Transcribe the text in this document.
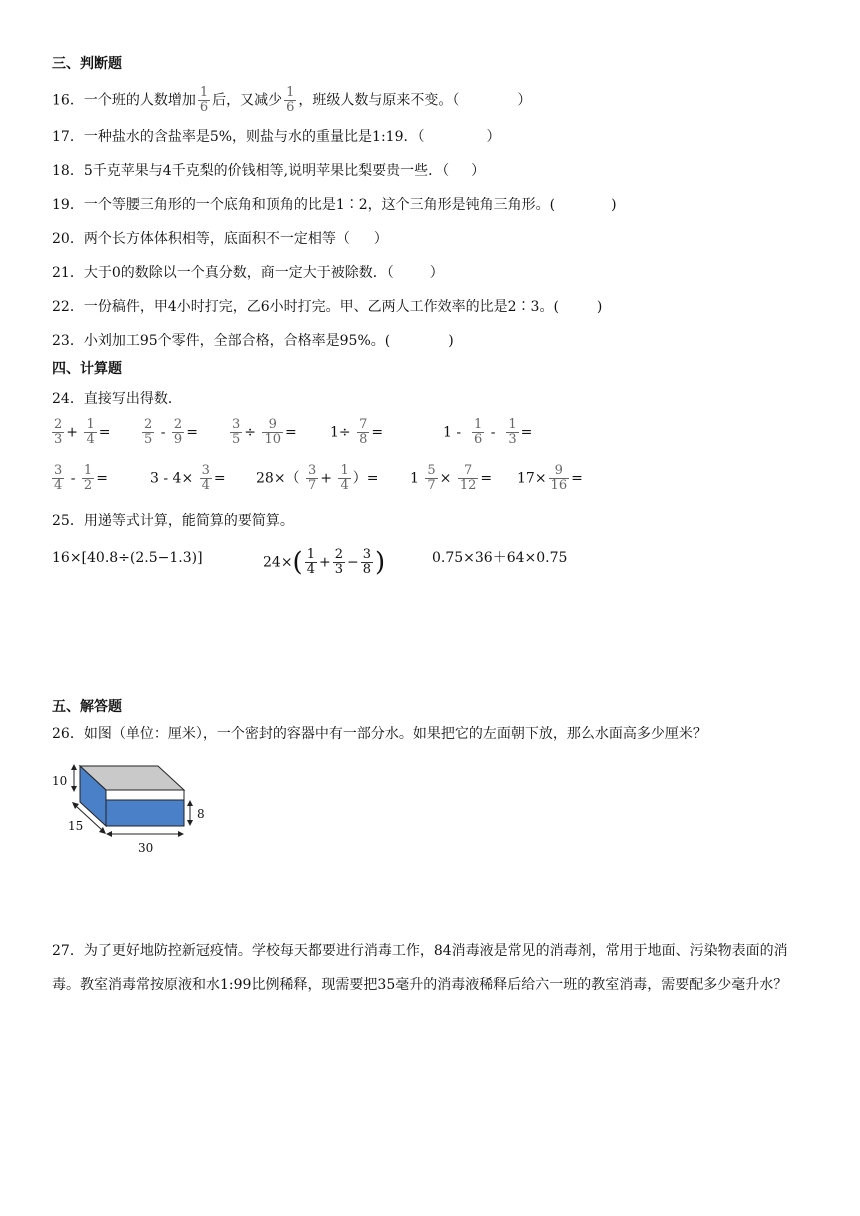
三、判断题
16．一个班的人数增加 $\frac{1}{6}$ 后，又减少 $\frac{1}{6}$ ，班级人数与原来不变。（	）
17．一种盐水的含盐率是5%，则盐与水的重量比是1:19．（	）
18．5千克苹果与4千克梨的价钱相等,说明苹果比梨要贵一些．（ ）
19．一个等腰三角形的一个底角和顶角的比是1∶2，这个三角形是钝角三角形。(	)
20．两个长方体体积相等，底面积不一定相等（ ）
21．大于0的数除以一个真分数，商一定大于被除数．（	）
22．一份稿件，甲4小时打完，乙6小时打完。甲、乙两人工作效率的比是2∶3。(	)
23．小刘加工95个零件，全部合格，合格率是95%。(	)
四、计算题
24．直接写出得数．
$\frac{2}{3} + \frac{1}{4} = \frac{2}{5} - \frac{2}{9} = \frac{3}{5} \div \frac{9}{10} = 1\div \frac{7}{8}$ =	$1 - \frac{1}{6} - \frac{1}{3}$ =
$\frac{3}{4} - \frac{1}{2}$ =	$3 - 4\times \frac{3}{4} = 28\times( \frac{3}{7} + \frac{1}{4}$ ）= $1 \frac{5}{7} \times \frac{7}{12} = 17\times \frac{9}{16}$ =
25．用递等式计算，能简算的要简算。
16×[40.8÷(2.5−1.3)]	$24\times( \frac{1}{4} + \frac{2}{3} - \frac{3}{8}$ )	0.75×36＋64×0.75
五、解答题
26．如图（单位：厘米），一个密封的容器中有一部分水。如果把它的左面朝下放，那么水面高多少厘米？
10
15
30
8
27．为了更好地防控新冠疫情。学校每天都要进行消毒工作，84消毒液是常见的消毒剂，常用于地面、污染物表面的消毒。教室消毒常按原液和水1:99比例稀释，现需要把35毫升的消毒液稀释后给六一班的教室消毒，需要配多少毫升水？
